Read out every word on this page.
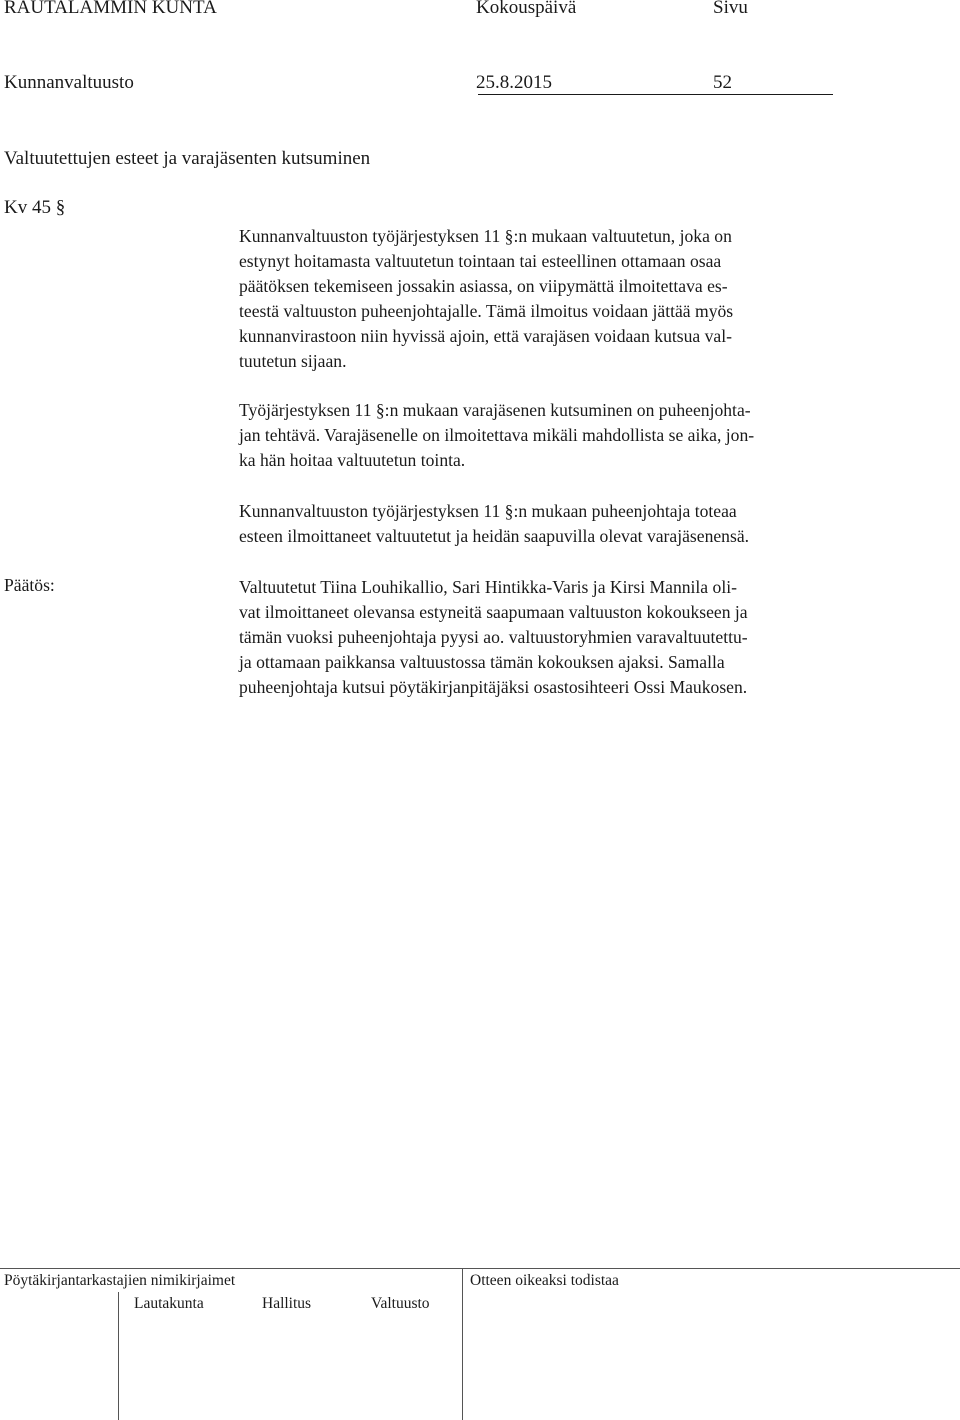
RAUTALAMMIN KUNTA	Kokouspäivä	Sivu
Kunnanvaltuusto	25.8.2015	52
Valtuutettujen esteet ja varajäsenten kutsuminen
Kv 45 §
Kunnanvaltuuston työjärjestyksen 11 §:n mukaan valtuutetun, joka on
estynyt hoitamasta valtuutetun tointaan tai esteellinen ottamaan osaa
päätöksen tekemiseen jossakin asiassa, on viipymättä ilmoitettava es-
teestä valtuuston puheenjohtajalle. Tämä ilmoitus voidaan jättää myös
kunnanvirastoon niin hyvissä ajoin, että varajäsen voidaan kutsua val-
tuutetun sijaan.
Työjärjestyksen 11 §:n mukaan varajäsenen kutsuminen on puheenjohta-
jan tehtävä. Varajäsenelle on ilmoitettava mikäli mahdollista se aika, jon-
ka hän hoitaa valtuutetun tointa.
Kunnanvaltuuston työjärjestyksen 11 §:n mukaan puheenjohtaja toteaa
esteen ilmoittaneet valtuutetut ja heidän saapuvilla olevat varajäsenensä.
Päätös:	Valtuutetut Tiina Louhikallio, Sari Hintikka-Varis ja Kirsi Mannila oli-
vat ilmoittaneet olevansa estyneitä saapumaan valtuuston kokoukseen ja
tämän vuoksi puheenjohtaja pyysi ao. valtuustoryhmien varavaltuutettu-
ja ottamaan paikkansa valtuustossa tämän kokouksen ajaksi. Samalla
puheenjohtaja kutsui pöytäkirjanpitäjäksi osastosihteeri Ossi Maukosen.
Pöytäkirjantarkastajien nimikirjaimet	Otteen oikeaksi todistaa
Lautakunta	Hallitus	Valtuusto
